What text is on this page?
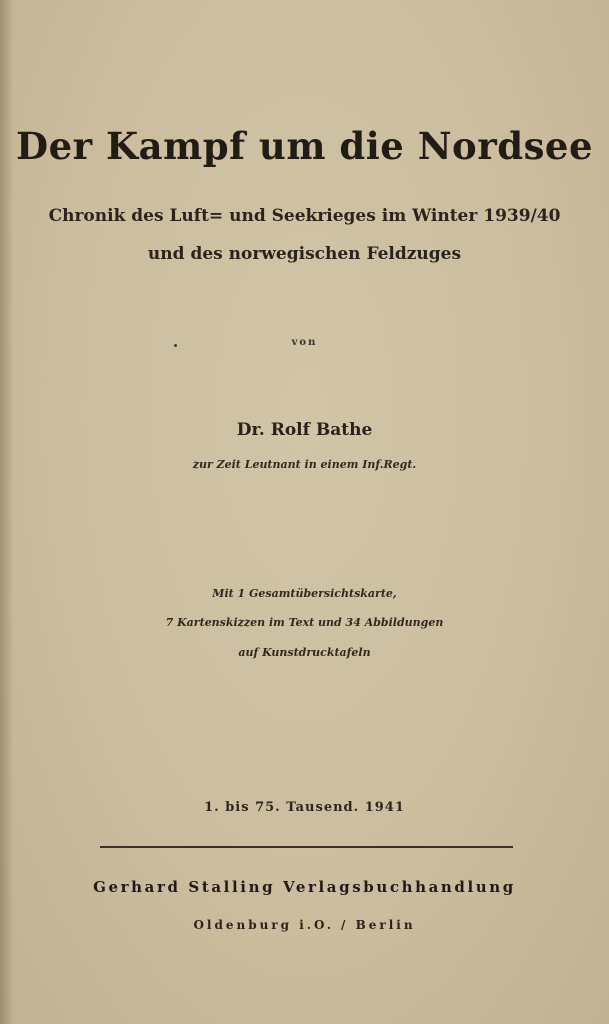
Der Kampf um die Nordsee
Chronik des Luft= und Seekrieges im Winter 1939/40
und des norwegischen Feldzuges
von
Dr. Rolf Bathe
zur Zeit Leutnant in einem Inf.Regt.
Mit 1 Gesamtübersichtskarte,
7 Kartenskizzen im Text und 34 Abbildungen
auf Kunstdrucktafeln
1. bis 75. Tausend. 1941
Gerhard Stalling Verlagsbuchhandlung
Oldenburg i.O. / Berlin
